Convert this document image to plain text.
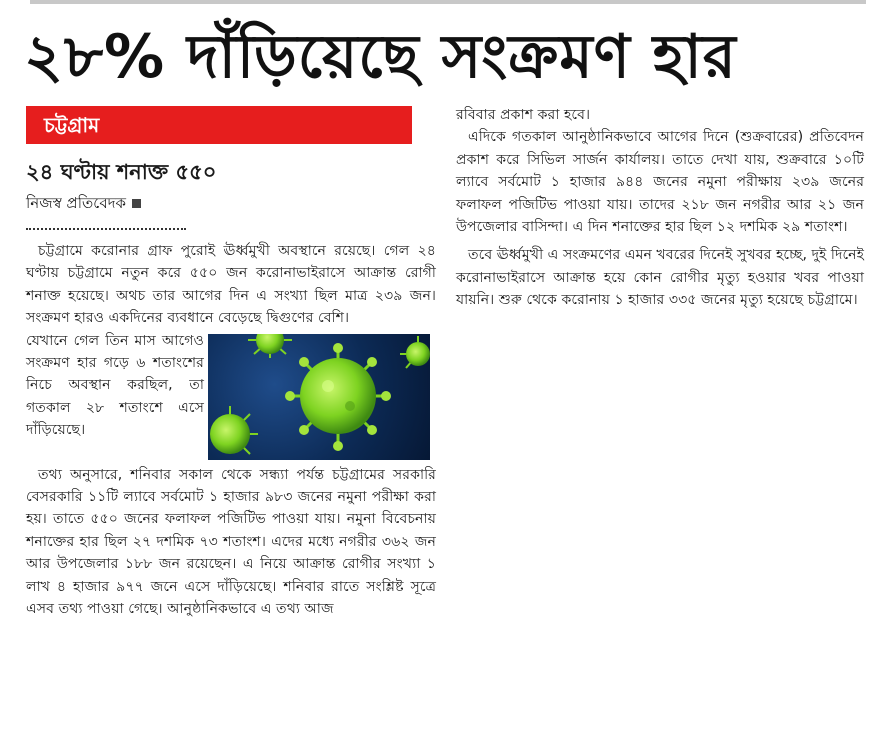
২৮% দাঁড়িয়েছে সংক্রমণ হার
চট্টগ্রাম
২৪ ঘণ্টায় শনাক্ত ৫৫০
নিজস্ব প্রতিবেদক

চট্টগ্রামে করোনার গ্রাফ পুরোই ঊর্ধ্বমুখী অবস্থানে রয়েছে। গেল ২৪ ঘণ্টায় চট্টগ্রামে নতুন করে ৫৫০ জন করোনাভাইরাসে আক্রান্ত রোগী শনাক্ত হয়েছে। অথচ তার আগের দিন এ সংখ্যা ছিল মাত্র ২৩৯ জন। সংক্রমণ হারও একদিনের ব্যবধানে বেড়েছে দ্বিগুণের বেশি।

যেখানে গেল তিন মাস আগেও সংক্রমণ হার গড়ে ৬ শতাংশের নিচে অবস্থান করছিল, তা গতকাল ২৮ শতাংশে এসে দাঁড়িয়েছে।

তথ্য অনুসারে, শনিবার সকাল থেকে সন্ধ্যা পর্যন্ত চট্টগ্রামের সরকারি বেসরকারি ১১টি ল্যাবে সর্বমোট ১ হাজার ৯৮৩ জনের নমুনা পরীক্ষা করা হয়। তাতে ৫৫০ জনের ফলাফল পজিটিভ পাওয়া যায়। নমুনা বিবেচনায় শনাক্তের হার ছিল ২৭ দশমিক ৭৩ শতাংশ। এদের মধ্যে নগরীর ৩৬২ জন আর উপজেলার ১৮৮ জন রয়েছেন। এ নিয়ে আক্রান্ত রোগীর সংখ্যা ১ লাখ ৪ হাজার ৯৭৭ জনে এসে দাঁড়িয়েছে। শনিবার রাতে সংশ্লিষ্ট সূত্রে এসব তথ্য পাওয়া গেছে। আনুষ্ঠানিকভাবে এ তথ্য আজ

রবিবার প্রকাশ করা হবে।

এদিকে গতকাল আনুষ্ঠানিকভাবে আগের দিনে (শুক্রবারের) প্রতিবেদন প্রকাশ করে সিভিল সার্জন কার্যালয়। তাতে দেখা যায়, শুক্রবারে ১০টি ল্যাবে সর্বমোট ১ হাজার ৯৪৪ জনের নমুনা পরীক্ষায় ২৩৯ জনের ফলাফল পজিটিভ পাওয়া যায়। তাদের ২১৮ জন নগরীর আর ২১ জন উপজেলার বাসিন্দা। এ দিন শনাক্তের হার ছিল ১২ দশমিক ২৯ শতাংশ।

তবে ঊর্ধ্বমুখী এ সংক্রমণের এমন খবরের দিনেই সুখবর হচ্ছে, দুই দিনেই করোনাভাইরাসে আক্রান্ত হয়ে কোন রোগীর মৃত্যু হওয়ার খবর পাওয়া যায়নি। শুরু থেকে করোনায় ১ হাজার ৩৩৫ জনের মৃত্যু হয়েছে চট্টগ্রামে।
